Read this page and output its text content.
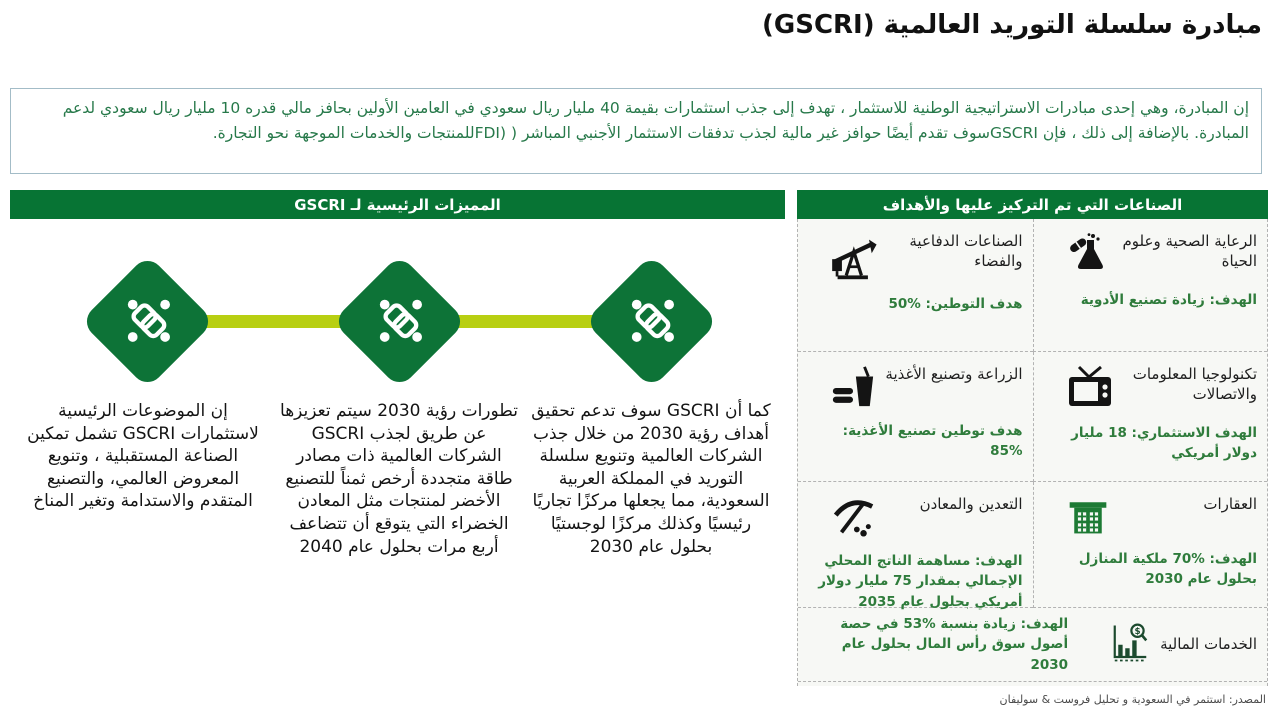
مبادرة سلسلة التوريد العالمية (GSCRI)

إن المبادرة، وهي إحدى مبادرات الاستراتيجية الوطنية للاستثمار ، تهدف إلى جذب استثمارات بقيمة 40 مليار ريال سعودي في العامين الأولين بحافز مالي قدره 10 مليار ريال سعودي لدعم المبادرة. بالإضافة إلى ذلك ، فإن GSCRIسوف تقدم أيضًا حوافز غير مالية لجذب تدفقات الاستثمار الأجنبي المباشر ( (FDIللمنتجات والخدمات الموجهة نحو التجارة.

المميزات الرئيسية لـ GSCRI	الصناعات التي تم التركيز عليها والأهداف
كما أن GSCRI سوف تدعم تحقيق أهداف رؤية 2030 من خلال جذب الشركات العالمية وتنويع سلسلة التوريد في المملكة العربية السعودية، مما يجعلها مركزًا تجاريًا رئيسيًا وكذلك مركزًا لوجستيًا بحلول عام 2030
تطورات رؤية 2030 سيتم تعزيزها عن طريق لجذب GSCRI الشركات العالمية ذات مصادر طاقة متجددة أرخص ثمناً للتصنيع الأخضر لمنتجات مثل المعادن الخضراء التي يتوقع أن تتضاعف أربع مرات بحلول عام 2040
إن الموضوعات الرئيسية لاستثمارات GSCRI تشمل تمكين الصناعة المستقبلية ، وتنويع المعروض العالمي، والتصنيع المتقدم والاستدامة وتغير المناخ
الرعاية الصحية وعلوم الحياة
الهدف: زيادة تصنيع الأدوية
الصناعات الدفاعية والفضاء
هدف التوطين: %50
تكنولوجيا المعلومات والاتصالات
الهدف الاستثماري: 18 مليار دولار أمريكي
الزراعة وتصنيع الأغذية
هدف توطين تصنيع الأغذية: %85
العقارات
الهدف: %70 ملكية المنازل بحلول عام 2030
التعدين والمعادن
الهدف: مساهمة الناتج المحلي الإجمالي بمقدار 75 مليار دولار أمريكي بحلول عام 2035
الخدمات المالية
$
الهدف: زيادة بنسبة %53 في حصة أصول سوق رأس المال بحلول عام 2030
المصدر: استثمر في السعودية و تحليل فروست & سوليفان
